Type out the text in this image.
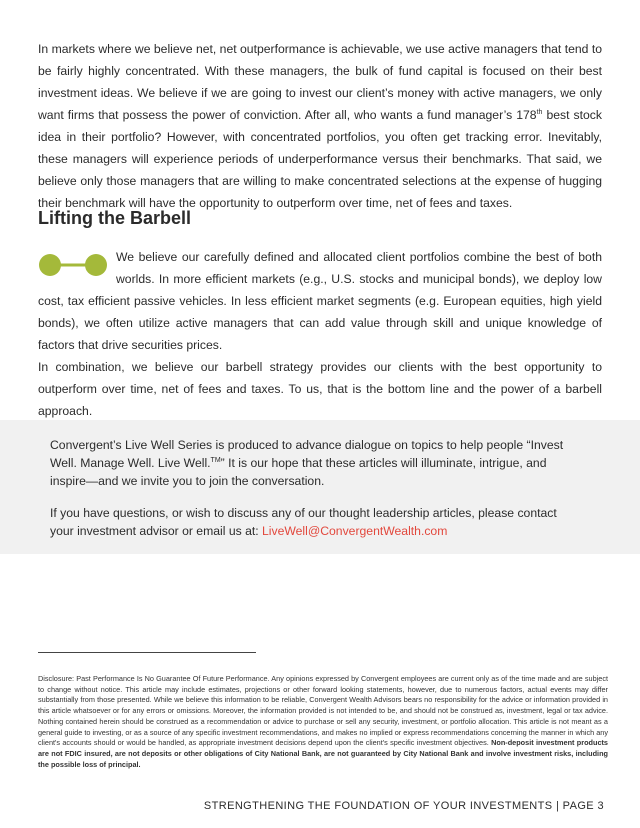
In markets where we believe net, net outperformance is achievable, we use active managers that tend to be fairly highly concentrated. With these managers, the bulk of fund capital is focused on their best investment ideas. We believe if we are going to invest our client’s money with active managers, we only want firms that possess the power of conviction. After all, who wants a fund manager’s 178th best stock idea in their portfolio? However, with concentrated portfolios, you often get tracking error. Inevitably, these managers will experience periods of underperformance versus their benchmarks. That said, we believe only those managers that are willing to make concentrated selections at the expense of hugging their benchmark will have the opportunity to outperform over time, net of fees and taxes.

Lifting the Barbell

We believe our carefully defined and allocated client portfolios combine the best of both worlds. In more efficient markets (e.g., U.S. stocks and municipal bonds), we deploy low cost, tax efficient passive vehicles. In less efficient market segments (e.g. European equities, high yield bonds), we often utilize active managers that can add value through skill and unique knowledge of factors that drive securities prices.

In combination, we believe our barbell strategy provides our clients with the best opportunity to outperform over time, net of fees and taxes. To us, that is the bottom line and the power of a barbell approach.

Convergent’s Live Well Series is produced to advance dialogue on topics to help people “Invest Well. Manage Well. Live Well.™” It is our hope that these articles will illuminate, intrigue, and inspire—and we invite you to join the conversation.

If you have questions, or wish to discuss any of our thought leadership articles, please contact your investment advisor or email us at: LiveWell@ConvergentWealth.com

Disclosure: Past Performance Is No Guarantee Of Future Performance. Any opinions expressed by Convergent employees are current only as of the time made and are subject to change without notice. This article may include estimates, projections or other forward looking statements, however, due to numerous factors, actual events may differ substantially from those presented. While we believe this information to be reliable, Convergent Wealth Advisors bears no responsibility for the advice or information provided in this article whatsoever or for any errors or omissions. Moreover, the information provided is not intended to be, and should not be construed as, investment, legal or tax advice. Nothing contained herein should be construed as a recommendation or advice to purchase or sell any security, investment, or portfolio allocation. This article is not meant as a general guide to investing, or as a source of any specific investment recommendations, and makes no implied or express recommendations concerning the manner in which any client's accounts should or would be handled, as appropriate investment decisions depend upon the client's specific investment objectives. Non-deposit investment products are not FDIC insured, are not deposits or other obligations of City National Bank, are not guaranteed by City National Bank and involve investment risks, including the possible loss of principal.

STRENGTHENING THE FOUNDATION OF YOUR INVESTMENTS | PAGE 3
